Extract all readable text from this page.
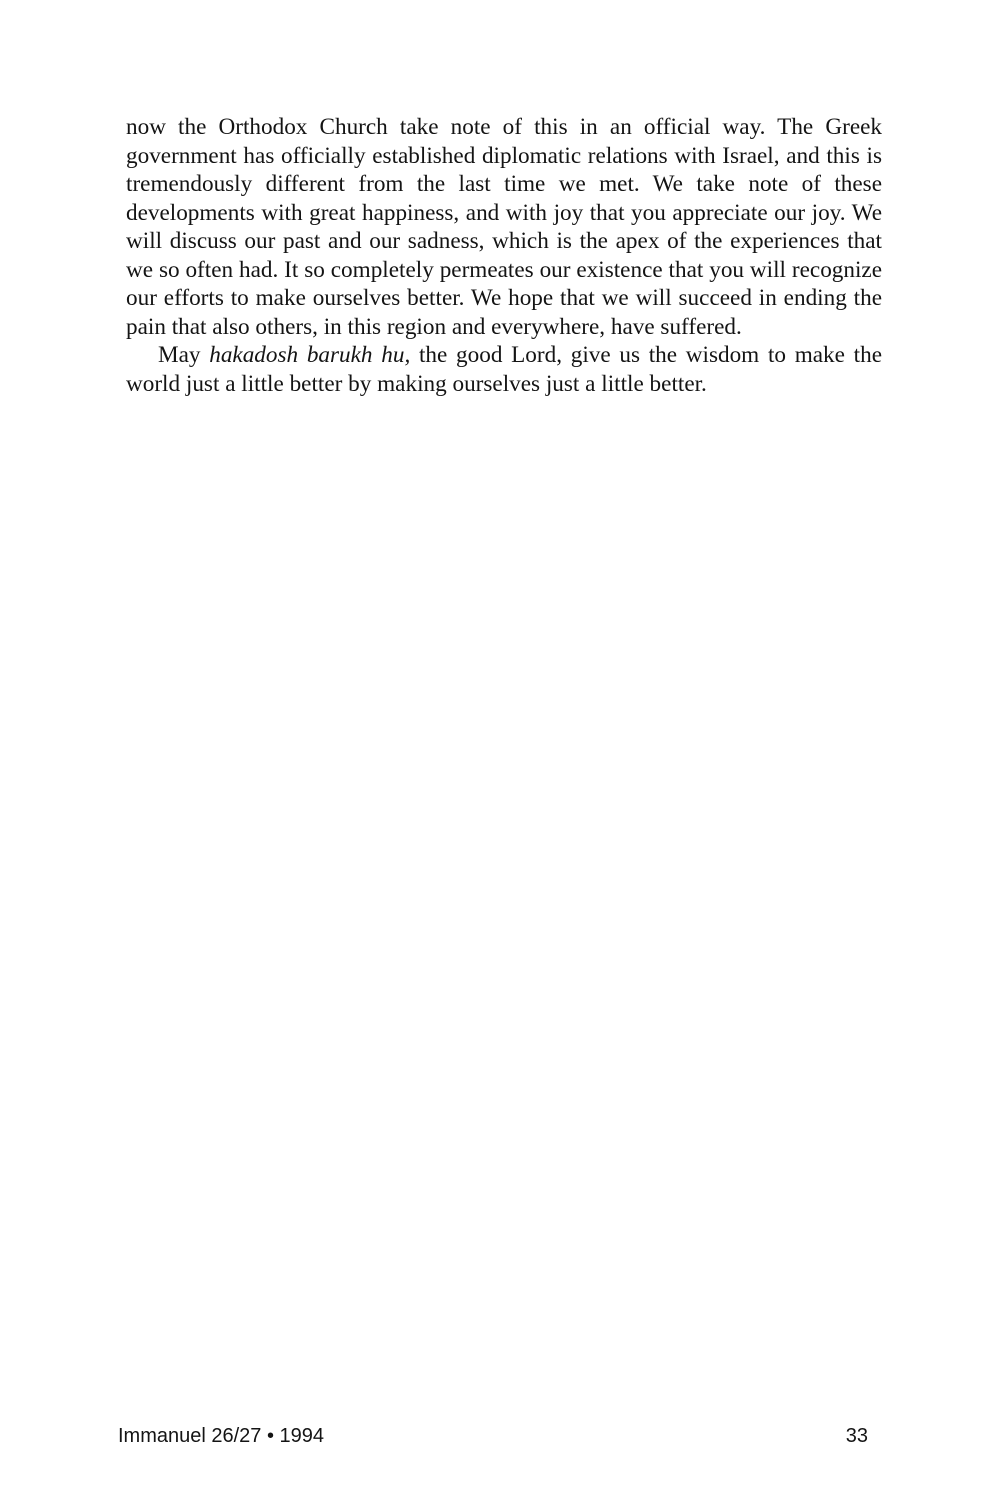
now the Orthodox Church take note of this in an official way. The Greek government has officially established diplomatic relations with Israel, and this is tremendously different from the last time we met. We take note of these developments with great happiness, and with joy that you appreciate our joy. We will discuss our past and our sadness, which is the apex of the experiences that we so often had. It so completely permeates our existence that you will recognize our efforts to make ourselves better. We hope that we will succeed in ending the pain that also others, in this region and everywhere, have suffered.

May hakadosh barukh hu, the good Lord, give us the wisdom to make the world just a little better by making ourselves just a little better.

Immanuel 26/27 • 1994	33
